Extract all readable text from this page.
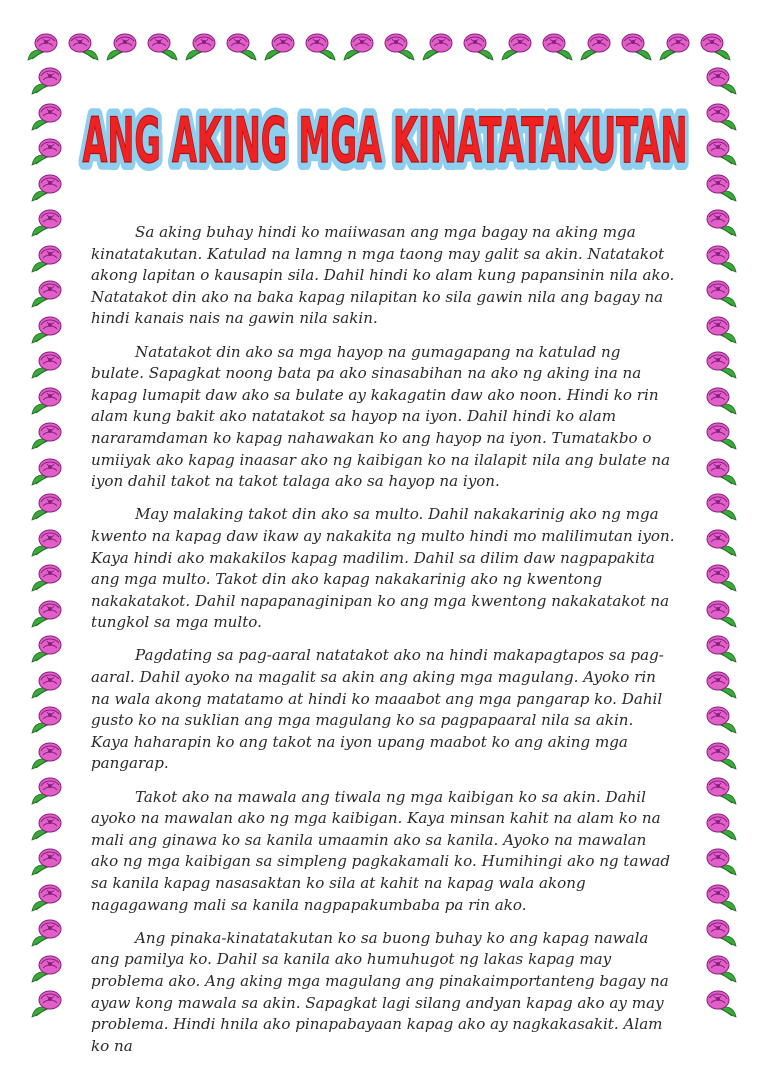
ANG AKING MGA KINATATAKUTAN
ANG AKING MGA KINATATAKUTAN

Sa aking buhay hindi ko maiiwasan ang mga bagay na aking mga kinatatakutan. Katulad na lamng n mga taong may galit sa akin. Natatakot akong lapitan o kausapin sila. Dahil hindi ko alam kung papansinin nila ako. Natatakot din ako na baka kapag nilapitan ko sila gawin nila ang bagay na hindi kanais nais na gawin nila sakin.

Natatakot din ako sa mga hayop na gumagapang na katulad ng bulate. Sapagkat noong bata pa ako sinasabihan na ako ng aking ina na kapag lumapit daw ako sa bulate ay kakagatin daw ako noon. Hindi ko rin alam kung bakit ako natatakot sa hayop na iyon. Dahil hindi ko alam nararamdaman ko kapag nahawakan ko ang hayop na iyon. Tumatakbo o umiiyak ako kapag inaasar ako ng kaibigan ko na ilalapit nila ang bulate na iyon dahil takot na takot talaga ako sa hayop na iyon.

May malaking takot din ako sa multo. Dahil nakakarinig ako ng mga kwento na kapag daw ikaw ay nakakita ng multo hindi mo malilimutan iyon. Kaya hindi ako makakilos kapag madilim. Dahil sa dilim daw nagpapakita ang mga multo. Takot din ako kapag nakakarinig ako ng kwentong nakakatakot. Dahil napapanaginipan ko ang mga kwentong nakakatakot na tungkol sa mga multo.

Pagdating sa pag-aaral natatakot ako na hindi makapagtapos sa pag-aaral. Dahil ayoko na magalit sa akin ang aking mga magulang. Ayoko rin na wala akong matatamo at hindi ko maaabot ang mga pangarap ko. Dahil gusto ko na suklian ang mga magulang ko sa pagpapaaral nila sa akin. Kaya haharapin ko ang takot na iyon upang maabot ko ang aking mga pangarap.

Takot ako na mawala ang tiwala ng mga kaibigan ko sa akin. Dahil ayoko na mawalan ako ng mga kaibigan. Kaya minsan kahit na alam ko na mali ang ginawa ko sa kanila umaamin ako sa kanila. Ayoko na mawalan ako ng mga kaibigan sa simpleng pagkakamali ko. Humihingi ako ng tawad sa kanila kapag nasasaktan ko sila at kahit na kapag wala akong nagagawang mali sa kanila nagpapakumbaba pa rin ako.

Ang pinaka-kinatatakutan ko sa buong buhay ko ang kapag nawala ang pamilya ko. Dahil sa kanila ako humuhugot ng lakas kapag may problema ako. Ang aking mga magulang ang pinakaimportanteng bagay na ayaw kong mawala sa akin. Sapagkat lagi silang andyan kapag ako ay may problema. Hindi hnila ako pinapabayaan kapag ako ay nagkakasakit. Alam ko na
